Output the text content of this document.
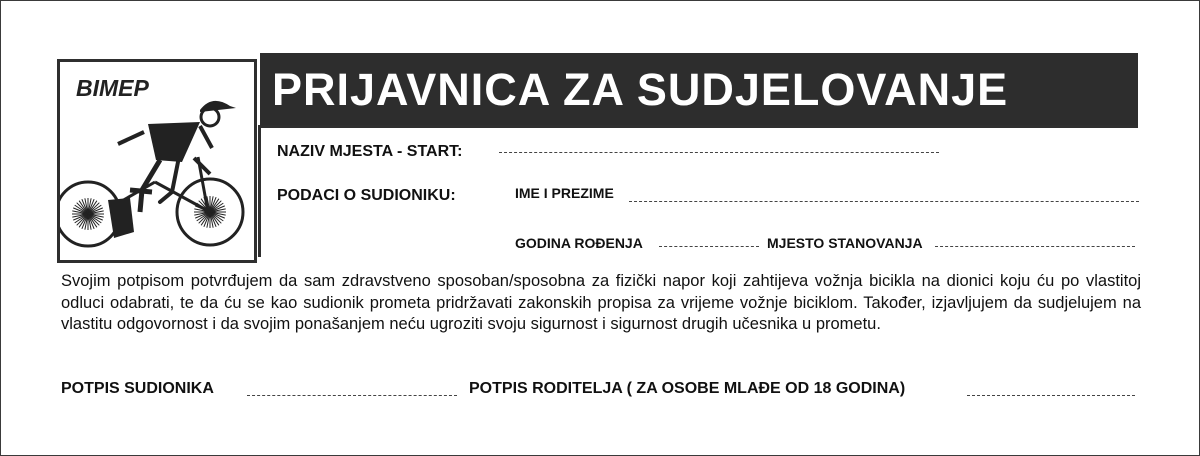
BIMEP	PRIJAVNICA ZA SUDJELOVANJE
NAZIV MJESTA - START:
PODACI O SUDIONIKU:	IME I PREZIME
GODINA ROĐENJA	MJESTO STANOVANJA
Svojim potpisom potvrđujem da sam zdravstveno sposoban/sposobna za fizički napor koji zahtijeva vožnja bicikla na dionici koju ću po vlastitoj odluci odabrati, te da ću se kao sudionik prometa pridržavati zakonskih propisa za vrijeme vožnje biciklom. Također, izjavljujem da sudjelujem na vlastitu odgovornost i da svojim ponašanjem neću ugroziti svoju sigurnost i sigurnost drugih učesnika u prometu.
POTPIS SUDIONIKA	POTPIS RODITELJA ( ZA OSOBE MLAĐE OD 18 GODINA)
